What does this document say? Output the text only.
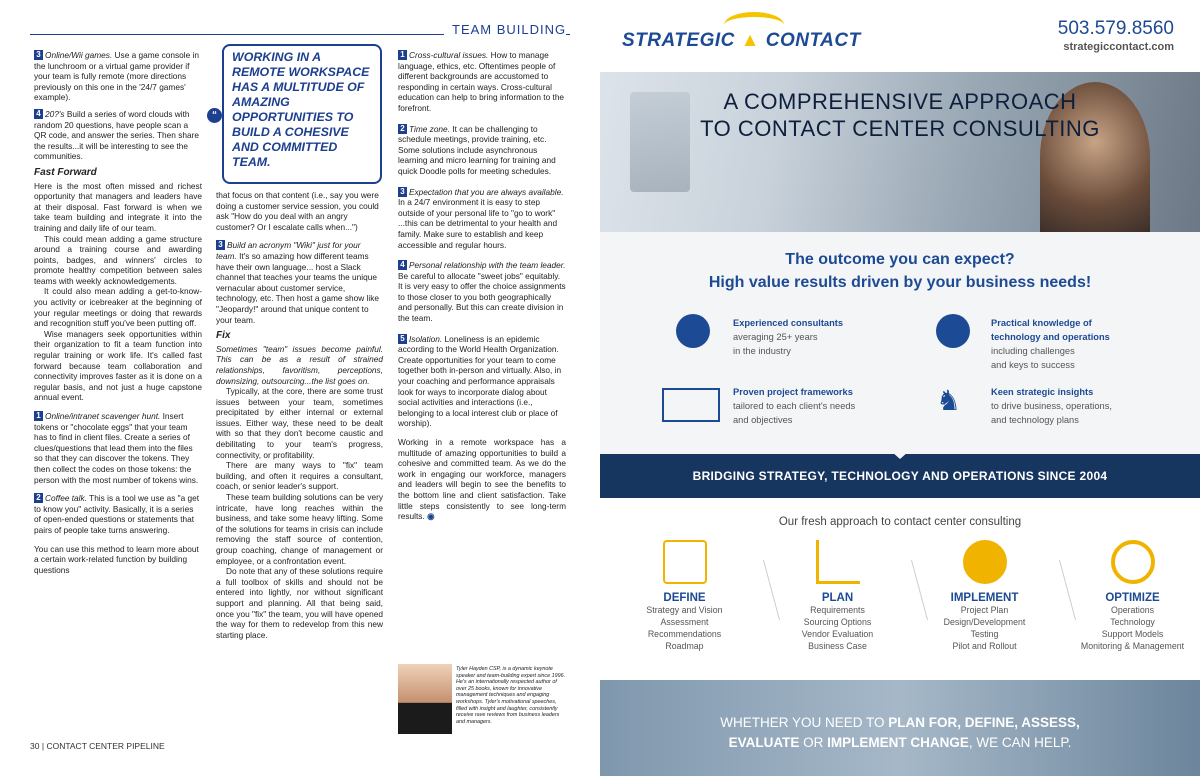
TEAM BUILDING

3 Online/Wii games. Use a game console in the lunchroom or a virtual game provider if your team is fully remote (more directions previously on this one in the '24/7 games' example).

4 20?'s Build a series of word clouds with random 20 questions, have people scan a QR code, and answer the series. Then share the results...it will be interesting to see the communities.

Fast Forward

Here is the most often missed and richest opportunity that managers and leaders have at their disposal. Fast forward is when we take team building and integrate it into the training and daily life of our team.

This could mean adding a game structure around a training course and awarding points, badges, and winners' circles to promote healthy competition between sales teams with weekly acknowledgements.

It could also mean adding a get-to-know-you activity or icebreaker at the beginning of your regular meetings or doing that rewards and recognition stuff you've been putting off.

Wise managers seek opportunities within their organization to fit a team function into regular training or work life. It's called fast forward because team collaboration and connectivity improves faster as it is done on a regular basis, and not just a huge capstone annual event.

1 Online/intranet scavenger hunt. Insert tokens or "chocolate eggs" that your team has to find in client files. Create a series of clues/questions that lead them into the files so that they can discover the tokens. They then collect the codes on those tokens: the person with the most number of tokens wins.

2 Coffee talk. This is a tool we use as "a get to know you" activity. Basically, it is a series of open-ended questions or statements that pairs of people take turns answering.

You can use this method to learn more about a certain work-related function by building questions

“
WORKING IN A REMOTE WORKSPACE HAS A MULTITUDE OF AMAZING OPPORTUNITIES TO BUILD A COHESIVE AND COMMITTED TEAM.

that focus on that content (i.e., say you were doing a customer service session, you could ask "How do you deal with an angry customer? Or I escalate calls when...")

3 Build an acronym "Wiki" just for your team. It's so amazing how different teams have their own language... host a Slack channel that teaches your teams the unique vernacular about customer service, technology, etc. Then host a game show like "Jeopardy!" around that unique content to your team.

Fix

Sometimes "team" issues become painful. This can be as a result of strained relationships, favoritism, perceptions, downsizing, outsourcing...the list goes on.

Typically, at the core, there are some trust issues between your team, sometimes precipitated by either internal or external issues. Either way, these need to be dealt with so that they don't become caustic and debilitating to your team's progress, connectivity, or profitability.

There are many ways to "fix" team building, and often it requires a consultant, coach, or senior leader's support.

These team building solutions can be very intricate, have long reaches within the business, and take some heavy lifting. Some of the solutions for teams in crisis can include removing the staff source of contention, group coaching, change of management or employee, or a confrontation event.

Do note that any of these solutions require a full toolbox of skills and should not be entered into lightly, nor without significant support and planning. All that being said, once you "fix" the team, you will have opened the way for them to redevelop from this new starting place.

1 Cross-cultural issues. How to manage language, ethics, etc. Oftentimes people of different backgrounds are accustomed to responding in certain ways. Cross-cultural education can help to bring information to the forefront.

2 Time zone. It can be challenging to schedule meetings, provide training, etc. Some solutions include asynchronous learning and micro learning for training and quick Doodle polls for meeting schedules.

3 Expectation that you are always available. In a 24/7 environment it is easy to step outside of your personal life to "go to work" ...this can be detrimental to your health and family. Make sure to establish and keep accessible and regular hours.

4 Personal relationship with the team leader. Be careful to allocate "sweet jobs" equitably. It is very easy to offer the choice assignments to those closer to you both geographically and personally. But this can create division in the team.

5 Isolation. Loneliness is an epidemic according to the World Health Organization. Create opportunities for your team to come together both in-person and virtually. Also, in your coaching and performance appraisals look for ways to incorporate dialog about social activities and interactions (i.e., belonging to a local interest club or place of worship).

Working in a remote workspace has a multitude of amazing opportunities to build a cohesive and committed team. As we do the work in engaging our workforce, managers and leaders will begin to see the benefits to the bottom line and client satisfaction. Take little steps consistently to see long-term results. ◉

Tyler Hayden CSP, is a dynamic keynote speaker and team-building expert since 1996. He's an internationally respected author of over 25 books, known for innovative management techniques and engaging workshops. Tyler's motivational speeches, filled with insight and laughter, consistently receive rave reviews from business leaders and managers.
30 | CONTACT CENTER PIPELINE
STRATEGIC ▲ CONTACT
503.579.8560
strategiccontact.com
A COMPREHENSIVE APPROACH
TO CONTACT CENTER CONSULTING
The outcome you can expect?
High value results driven by your business needs!
Experienced consultants
averaging 25+ years
in the industry
Practical knowledge of
technology and operations
including challenges
and keys to success
Proven project frameworks
tailored to each client's needs
and objectives
♞	Keen strategic insights
to drive business, operations,
and technology plans
BRIDGING STRATEGY, TECHNOLOGY AND OPERATIONS SINCE 2004
Our fresh approach to contact center consulting
DEFINE
Strategy and Vision
Assessment
Recommendations
Roadmap
PLAN
Requirements
Sourcing Options
Vendor Evaluation
Business Case
IMPLEMENT
Project Plan
Design/Development
Testing
Pilot and Rollout
OPTIMIZE
Operations
Technology
Support Models
Monitoring & Management
WHETHER YOU NEED TO PLAN FOR, DEFINE, ASSESS,
EVALUATE OR IMPLEMENT CHANGE, WE CAN HELP.
